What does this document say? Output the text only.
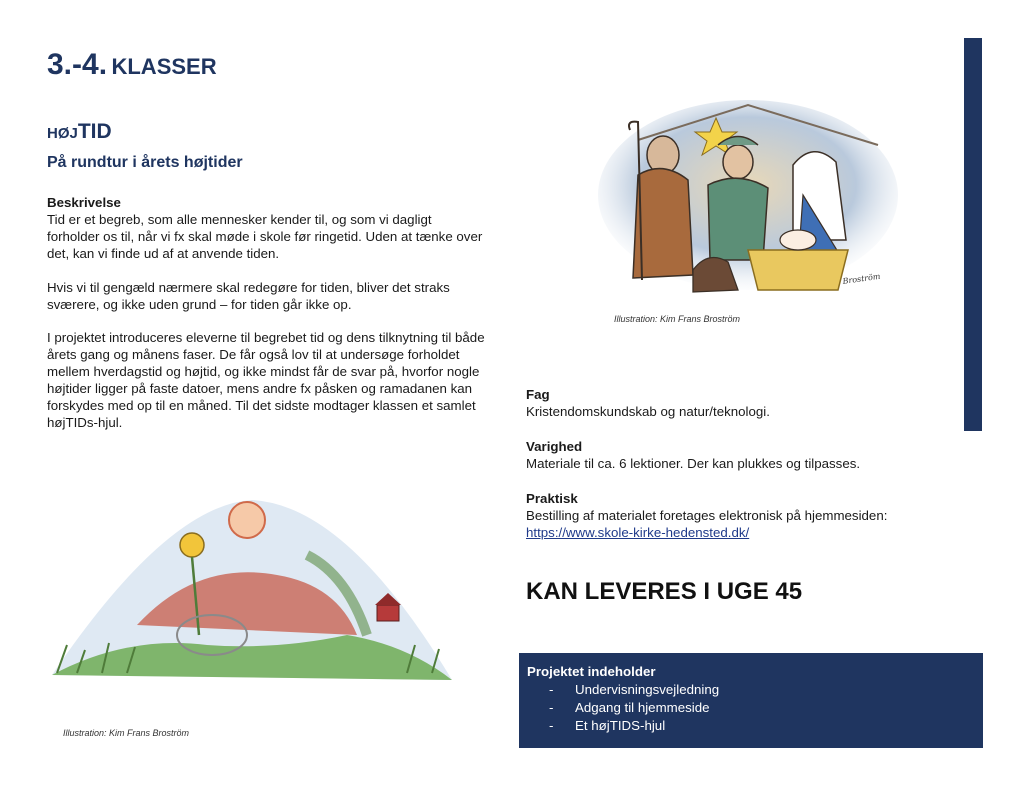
3.-4. KLASSER
HØJTID
På rundtur i årets højtider

Beskrivelse

Tid er et begreb, som alle mennesker kender til, og som vi dagligt forholder os til, når vi fx skal møde i skole før ringetid. Uden at tænke over det, kan vi finde ud af at anvende tiden.

Hvis vi til gengæld nærmere skal redegøre for tiden, bliver det straks sværere, og ikke uden grund – for tiden går ikke op.

I projektet introduceres eleverne til begrebet tid og dens tilknytning til både årets gang og månens faser. De får også lov til at undersøge forholdet mellem hverdagstid og højtid, og ikke mindst får de svar på, hvorfor nogle højtider ligger på faste datoer, mens andre fx påsken og ramadanen kan forskydes med op til en måned. Til det sidste modtager klassen et samlet højTIDs-hjul.

Broström
Illustration: Kim Frans Broström
Illustration: Kim Frans Broström

Fag

Kristendomskundskab og natur/teknologi.

Varighed

Materiale til ca. 6 lektioner. Der kan plukkes og tilpasses.

Praktisk

Bestilling af materialet foretages elektronisk på hjemmesiden:

https://www.skole-kirke-hedensted.dk/
KAN LEVERES I UGE 45
Projektet indeholder
- Undervisningsvejledning
- Adgang til hjemmeside
- Et højTIDS-hjul
